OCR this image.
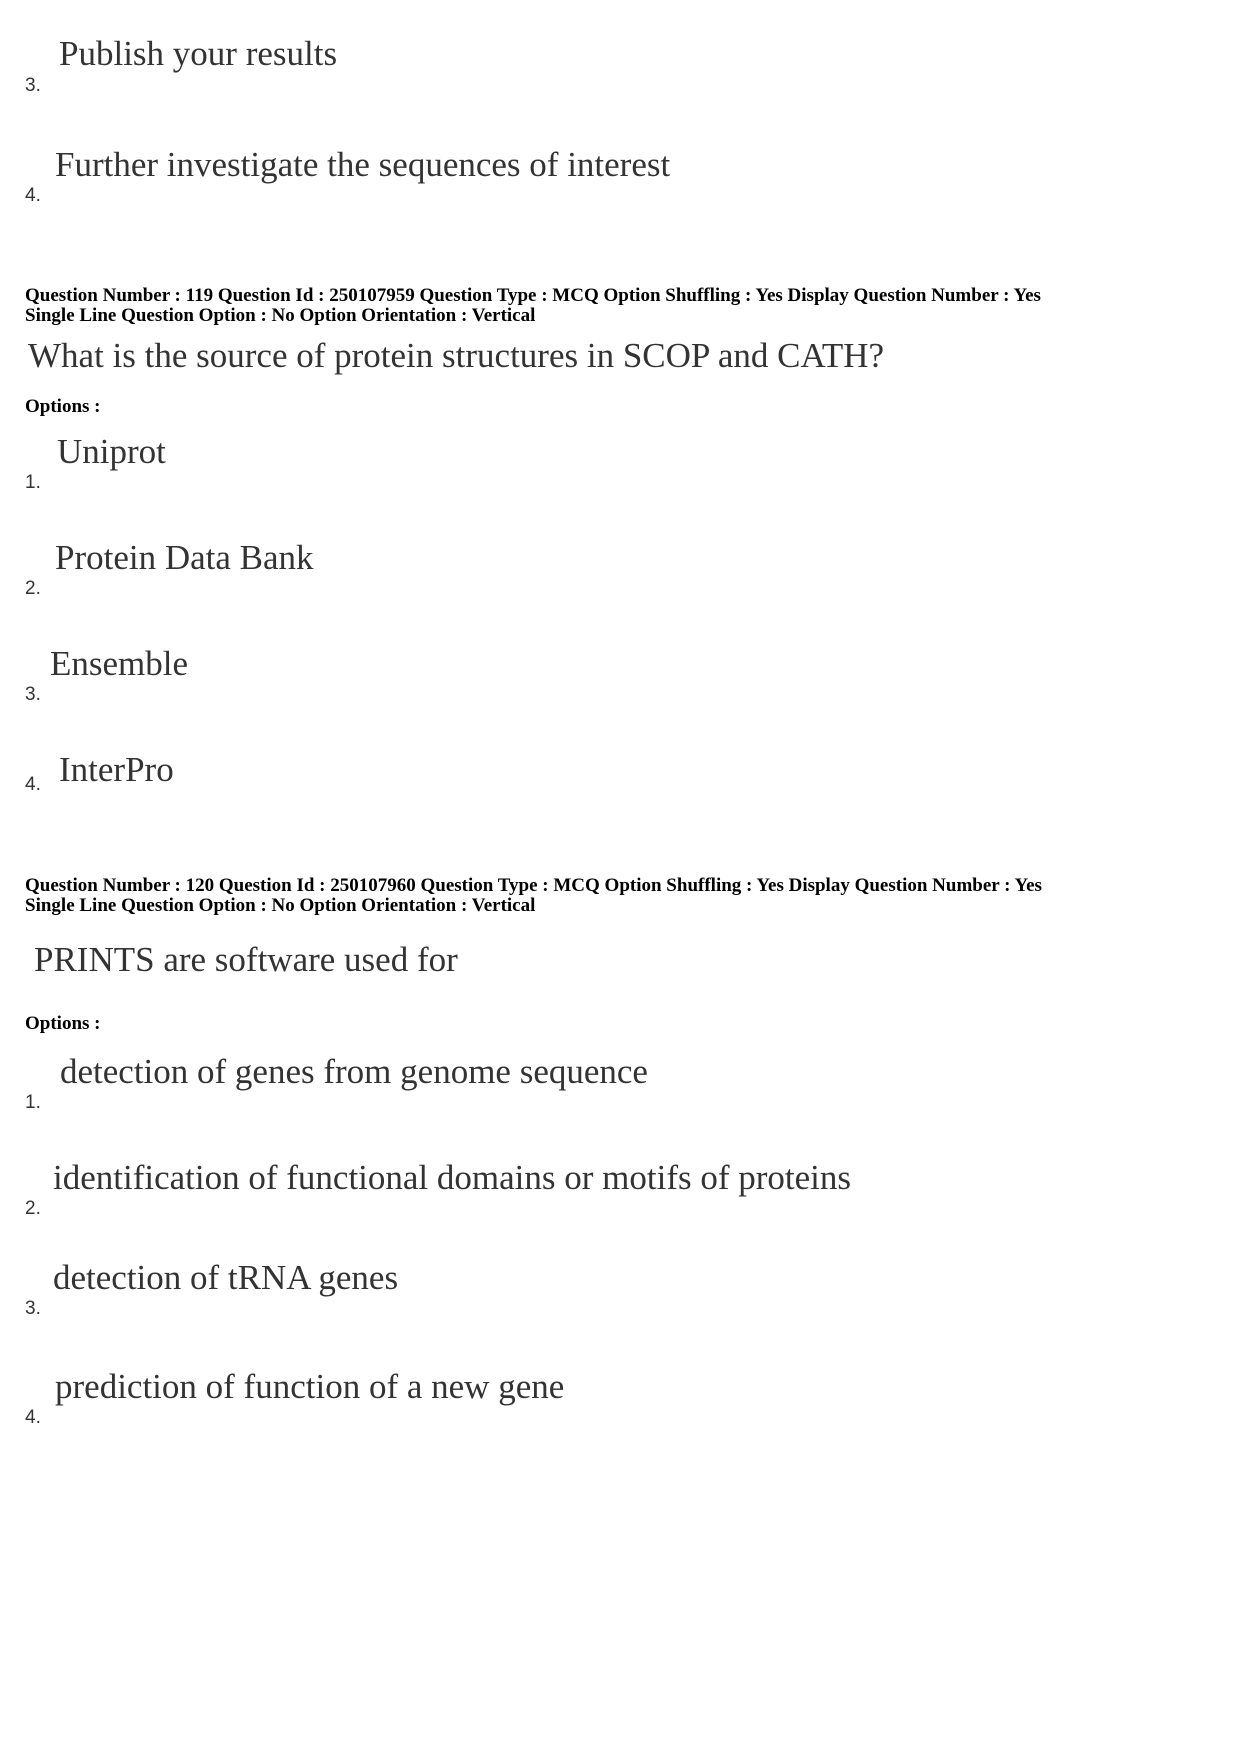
3.
Publish your results
4.
Further investigate the sequences of interest
Question Number : 119 Question Id : 250107959 Question Type : MCQ Option Shuffling : Yes Display Question Number : Yes
Single Line Question Option : No Option Orientation : Vertical
What is the source of protein structures in SCOP and CATH?
Options :
1.
Uniprot
2.
Protein Data Bank
3.
Ensemble
4. InterPro
Question Number : 120 Question Id : 250107960 Question Type : MCQ Option Shuffling : Yes Display Question Number : Yes
Single Line Question Option : No Option Orientation : Vertical
PRINTS are software used for
Options :
1.
detection of genes from genome sequence
2.
identification of functional domains or motifs of proteins
3.
detection of tRNA genes
4.
prediction of function of a new gene
